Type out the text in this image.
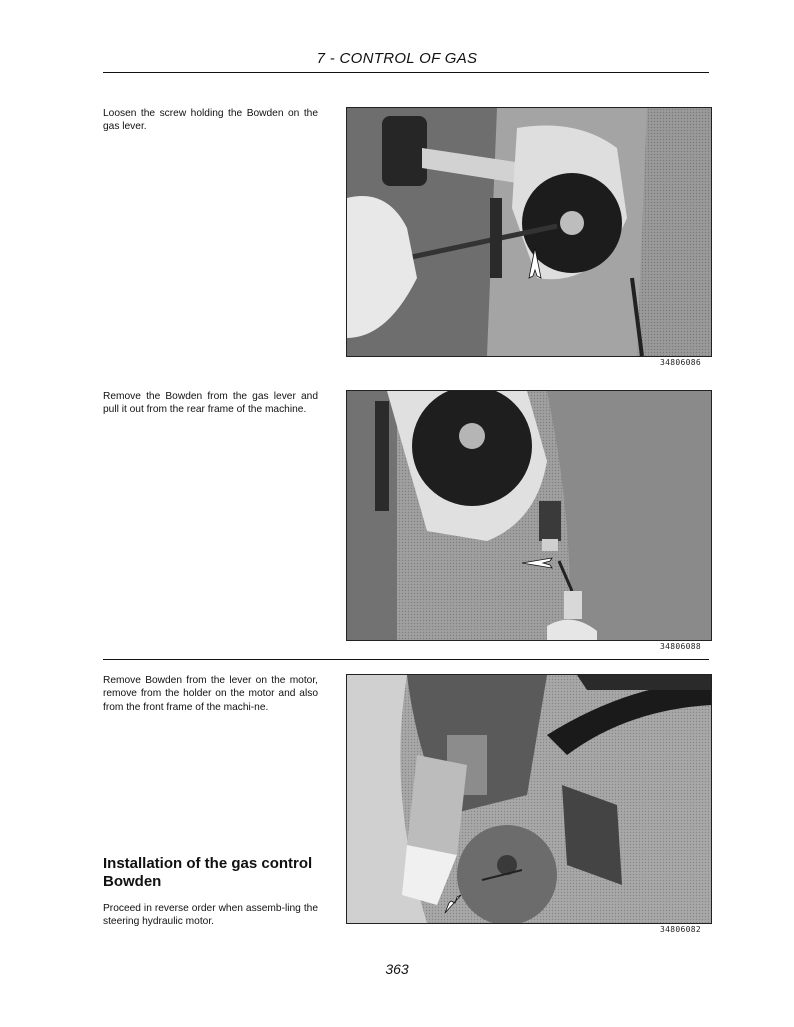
7 - CONTROL OF GAS

Loosen the screw holding the Bowden on the gas lever.

34806086

Remove the Bowden from the gas lever and pull it out from the rear frame of the machine.

34806088

Remove Bowden from the lever on the motor, remove from the holder on the motor and also from the front frame of the machi-ne.

34806082
Installation of the gas control Bowden

Proceed in reverse order when assemb-ling the steering hydraulic motor.

363
